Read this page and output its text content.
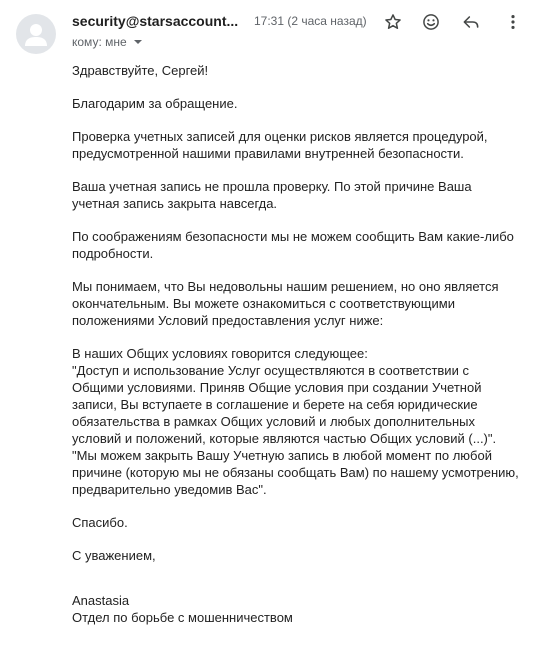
security@starsaccount...	17:31 (2 часа назад)
кому: мне

Здравствуйте, Сергей!

Благодарим за обращение.

Проверка учетных записей для оценки рисков является процедурой,
предусмотренной нашими правилами внутренней безопасности.

Ваша учетная запись не прошла проверку. По этой причине Ваша
учетная запись закрыта навсегда.

По соображениям безопасности мы не можем сообщить Вам какие-либо
подробности.

Мы понимаем, что Вы недовольны нашим решением, но оно является
окончательным. Вы можете ознакомиться с соответствующими
положениями Условий предоставления услуг ниже:

В наших Общих условиях говорится следующее:
"Доступ и использование Услуг осуществляются в соответствии с
Общими условиями. Приняв Общие условия при создании Учетной
записи, Вы вступаете в соглашение и берете на себя юридические
обязательства в рамках Общих условий и любых дополнительных
условий и положений, которые являются частью Общих условий (...)".
"Мы можем закрыть Вашу Учетную запись в любой момент по любой
причине (которую мы не обязаны сообщать Вам) по нашему усмотрению,
предварительно уведомив Вас".

Спасибо.

С уважением,

Anastasia
Отдел по борьбе с мошенничеством
